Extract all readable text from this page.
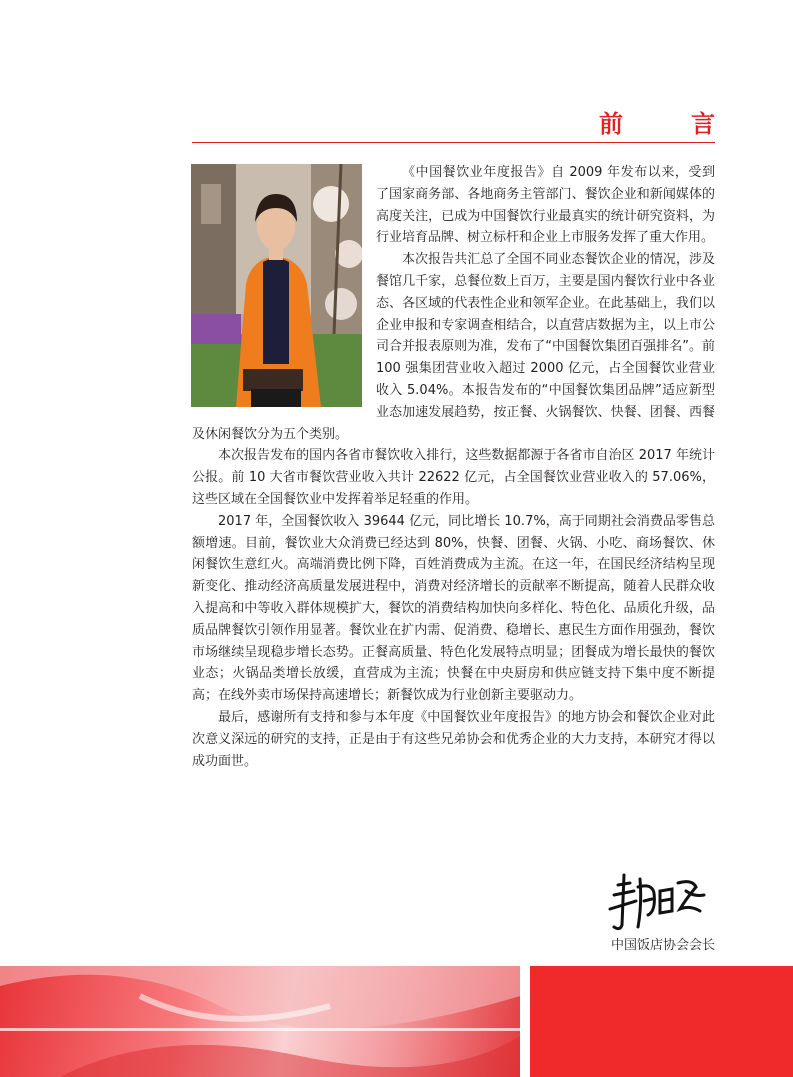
前　言

《中国餐饮业年度报告》自 2009 年发布以来，受到了国家商务部、各地商务主管部门、餐饮企业和新闻媒体的高度关注，已成为中国餐饮行业最真实的统计研究资料，为行业培育品牌、树立标杆和企业上市服务发挥了重大作用。

本次报告共汇总了全国不同业态餐饮企业的情况，涉及餐馆几千家，总餐位数上百万，主要是国内餐饮行业中各业态、各区域的代表性企业和领军企业。在此基础上，我们以企业申报和专家调查相结合，以直营店数据为主，以上市公司合并报表原则为准，发布了“中国餐饮集团百强排名”。前 100 强集团营业收入超过 2000 亿元，占全国餐饮业营业收入 5.04%。本报告发布的“中国餐饮集团品牌”适应新型业态加速发展趋势，按正餐、火锅餐饮、快餐、团餐、西餐及休闲餐饮分为五个类别。

本次报告发布的国内各省市餐饮收入排行，这些数据都源于各省市自治区 2017 年统计公报。前 10 大省市餐饮营业收入共计 22622 亿元，占全国餐饮业营业收入的 57.06%，这些区域在全国餐饮业中发挥着举足轻重的作用。

2017 年，全国餐饮收入 39644 亿元，同比增长 10.7%，高于同期社会消费品零售总额增速。目前，餐饮业大众消费已经达到 80%，快餐、团餐、火锅、小吃、商场餐饮、休闲餐饮生意红火。高端消费比例下降，百姓消费成为主流。在这一年，在国民经济结构呈现新变化、推动经济高质量发展进程中，消费对经济增长的贡献率不断提高，随着人民群众收入提高和中等收入群体规模扩大，餐饮的消费结构加快向多样化、特色化、品质化升级，品质品牌餐饮引领作用显著。餐饮业在扩内需、促消费、稳增长、惠民生方面作用强劲，餐饮市场继续呈现稳步增长态势。正餐高质量、特色化发展特点明显；团餐成为增长最快的餐饮业态；火锅品类增长放缓，直营成为主流；快餐在中央厨房和供应链支持下集中度不断提高；在线外卖市场保持高速增长；新餐饮成为行业创新主要驱动力。

最后，感谢所有支持和参与本年度《中国餐饮业年度报告》的地方协会和餐饮企业对此次意义深远的研究的支持，正是由于有这些兄弟协会和优秀企业的大力支持，本研究才得以成功面世。

中国饭店协会会长
